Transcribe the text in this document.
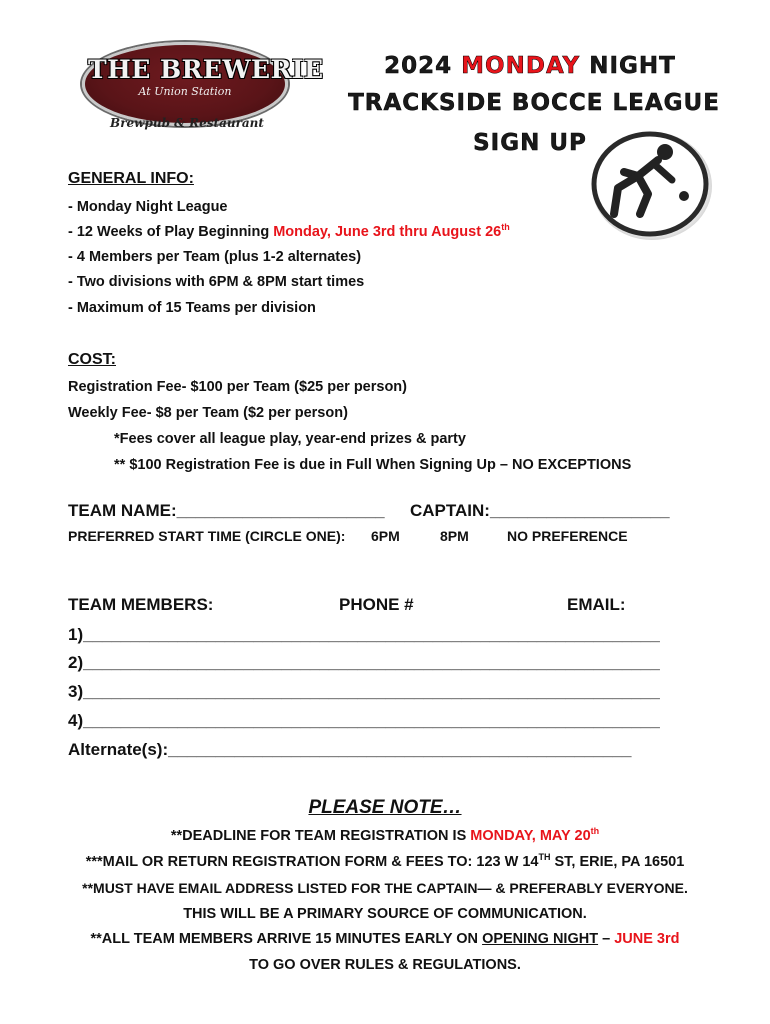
THE BREWERIE
At Union Station
Brewpub & Restaurant
2024 MONDAY NIGHT
TRACKSIDE BOCCE LEAGUE
SIGN UP
GENERAL INFO:
- Monday Night League
- 12 Weeks of Play Beginning Monday, June 3rd thru August 26th
- 4 Members per Team (plus 1-2 alternates)
- Two divisions with 6PM & 8PM start times
- Maximum of 15 Teams per division
COST:
Registration Fee- $100 per Team ($25 per person)
Weekly Fee- $8 per Team ($2 per person)
*Fees cover all league play, year-end prizes & party
** $100 Registration Fee is due in Full When Signing Up – NO EXCEPTIONS
TEAM NAME:______________________ CAPTAIN:___________________
PREFERRED START TIME (CIRCLE ONE): 6PM	8PM	NO PREFERENCE
TEAM MEMBERS:	PHONE #	EMAIL:
1)_____________________________________________________________
2)_____________________________________________________________
3)_____________________________________________________________
4)_____________________________________________________________
Alternate(s):_________________________________________________
PLEASE NOTE…
**DEADLINE FOR TEAM REGISTRATION IS MONDAY, MAY 20th
***MAIL OR RETURN REGISTRATION FORM & FEES TO: 123 W 14TH ST, ERIE, PA 16501
**MUST HAVE EMAIL ADDRESS LISTED FOR THE CAPTAIN— & PREFERABLY EVERYONE.
THIS WILL BE A PRIMARY SOURCE OF COMMUNICATION.
**ALL TEAM MEMBERS ARRIVE 15 MINUTES EARLY ON OPENING NIGHT – JUNE 3rd
TO GO OVER RULES & REGULATIONS.
